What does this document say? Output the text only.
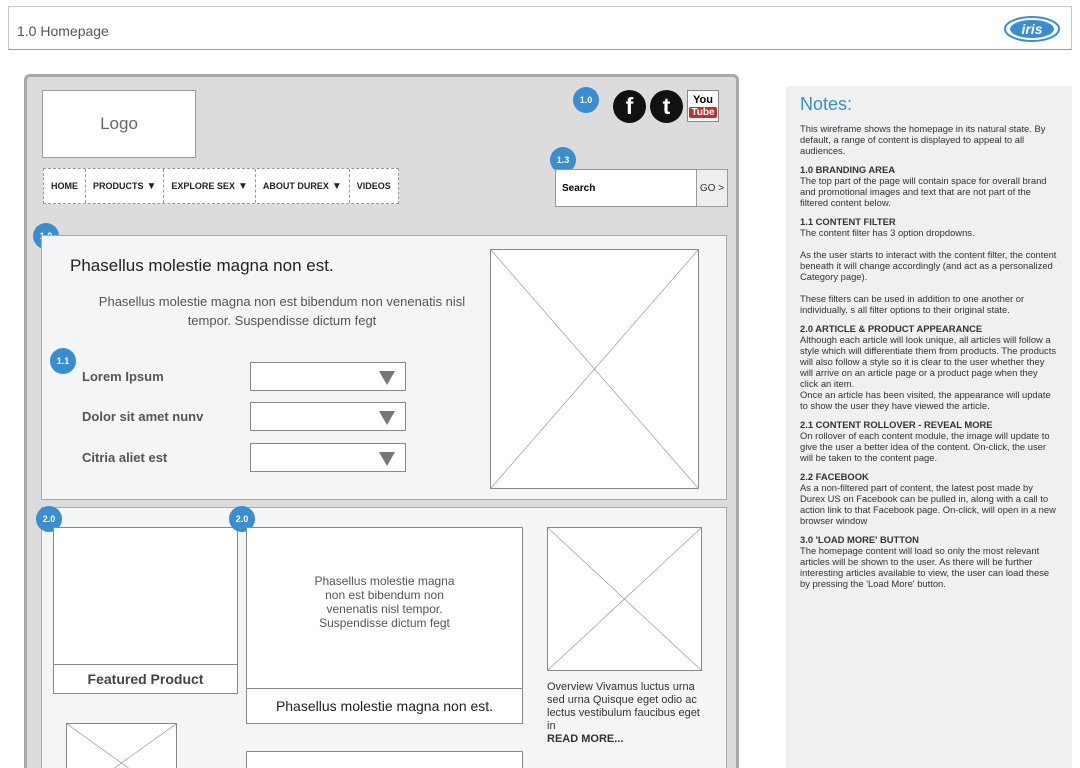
1.0 Homepage	iris
Logo
1.0 f t You
Tube
1.3
HOME PRODUCTS ▼ EXPLORE SEX ▼ ABOUT DUREX ▼ VIDEOS
Search	GO >
Phasellus molestie magna non est.
Phasellus molestie magna non est bibendum non venenatis nisl tempor. Suspendisse dictum fegt
1.1
Lorem Ipsum
Dolor sit amet nunv
Citria aliet est
2.0
Featured Product
2.0
Phasellus molestie magna non est bibendum non venenatis nisl tempor. Suspendisse dictum fegt
Phasellus molestie magna non est.
Overview Vivamus luctus urna sed urna Quisque eget odio ac lectus vestibulum faucibus eget in
READ MORE...
Notes:

This wireframe shows the homepage in its natural state. By default, a range of content is displayed to appeal to all audiences.

1.0 BRANDING AREA

The top part of the page will contain space for overall brand and promotional images and text that are not part of the filtered content below.

1.1 CONTENT FILTER

The content filter has 3 option dropdowns.

As the user starts to interact with the content filter, the content beneath it will change accordingly (and act as a personalized Category page).

These filters can be used in addition to one another or individually. s all filter options to their original state.

2.0 ARTICLE & PRODUCT APPEARANCE

Although each article will look unique, all articles will follow a style which will differentiate them from products. The products will also follow a style so it is clear to the user whether they will arrive on an article page or a product page when they click an item.
Once an article has been visited, the appearance will update to show the user they have viewed the article.

2.1 CONTENT ROLLOVER - REVEAL MORE

On rollover of each content module, the image will update to give the user a better idea of the content. On-click, the user will be taken to the content page.

2.2 FACEBOOK

As a non-filtered part of content, the latest post made by Durex US on Facebook can be pulled in, along with a call to action link to that Facebook page. On-click, will open in a new browser window

3.0 'LOAD MORE' BUTTON

The homepage content will load so only the most relevant articles will be shown to the user. As there will be further interesting articles available to view, the user can load these by pressing the 'Load More' button.
